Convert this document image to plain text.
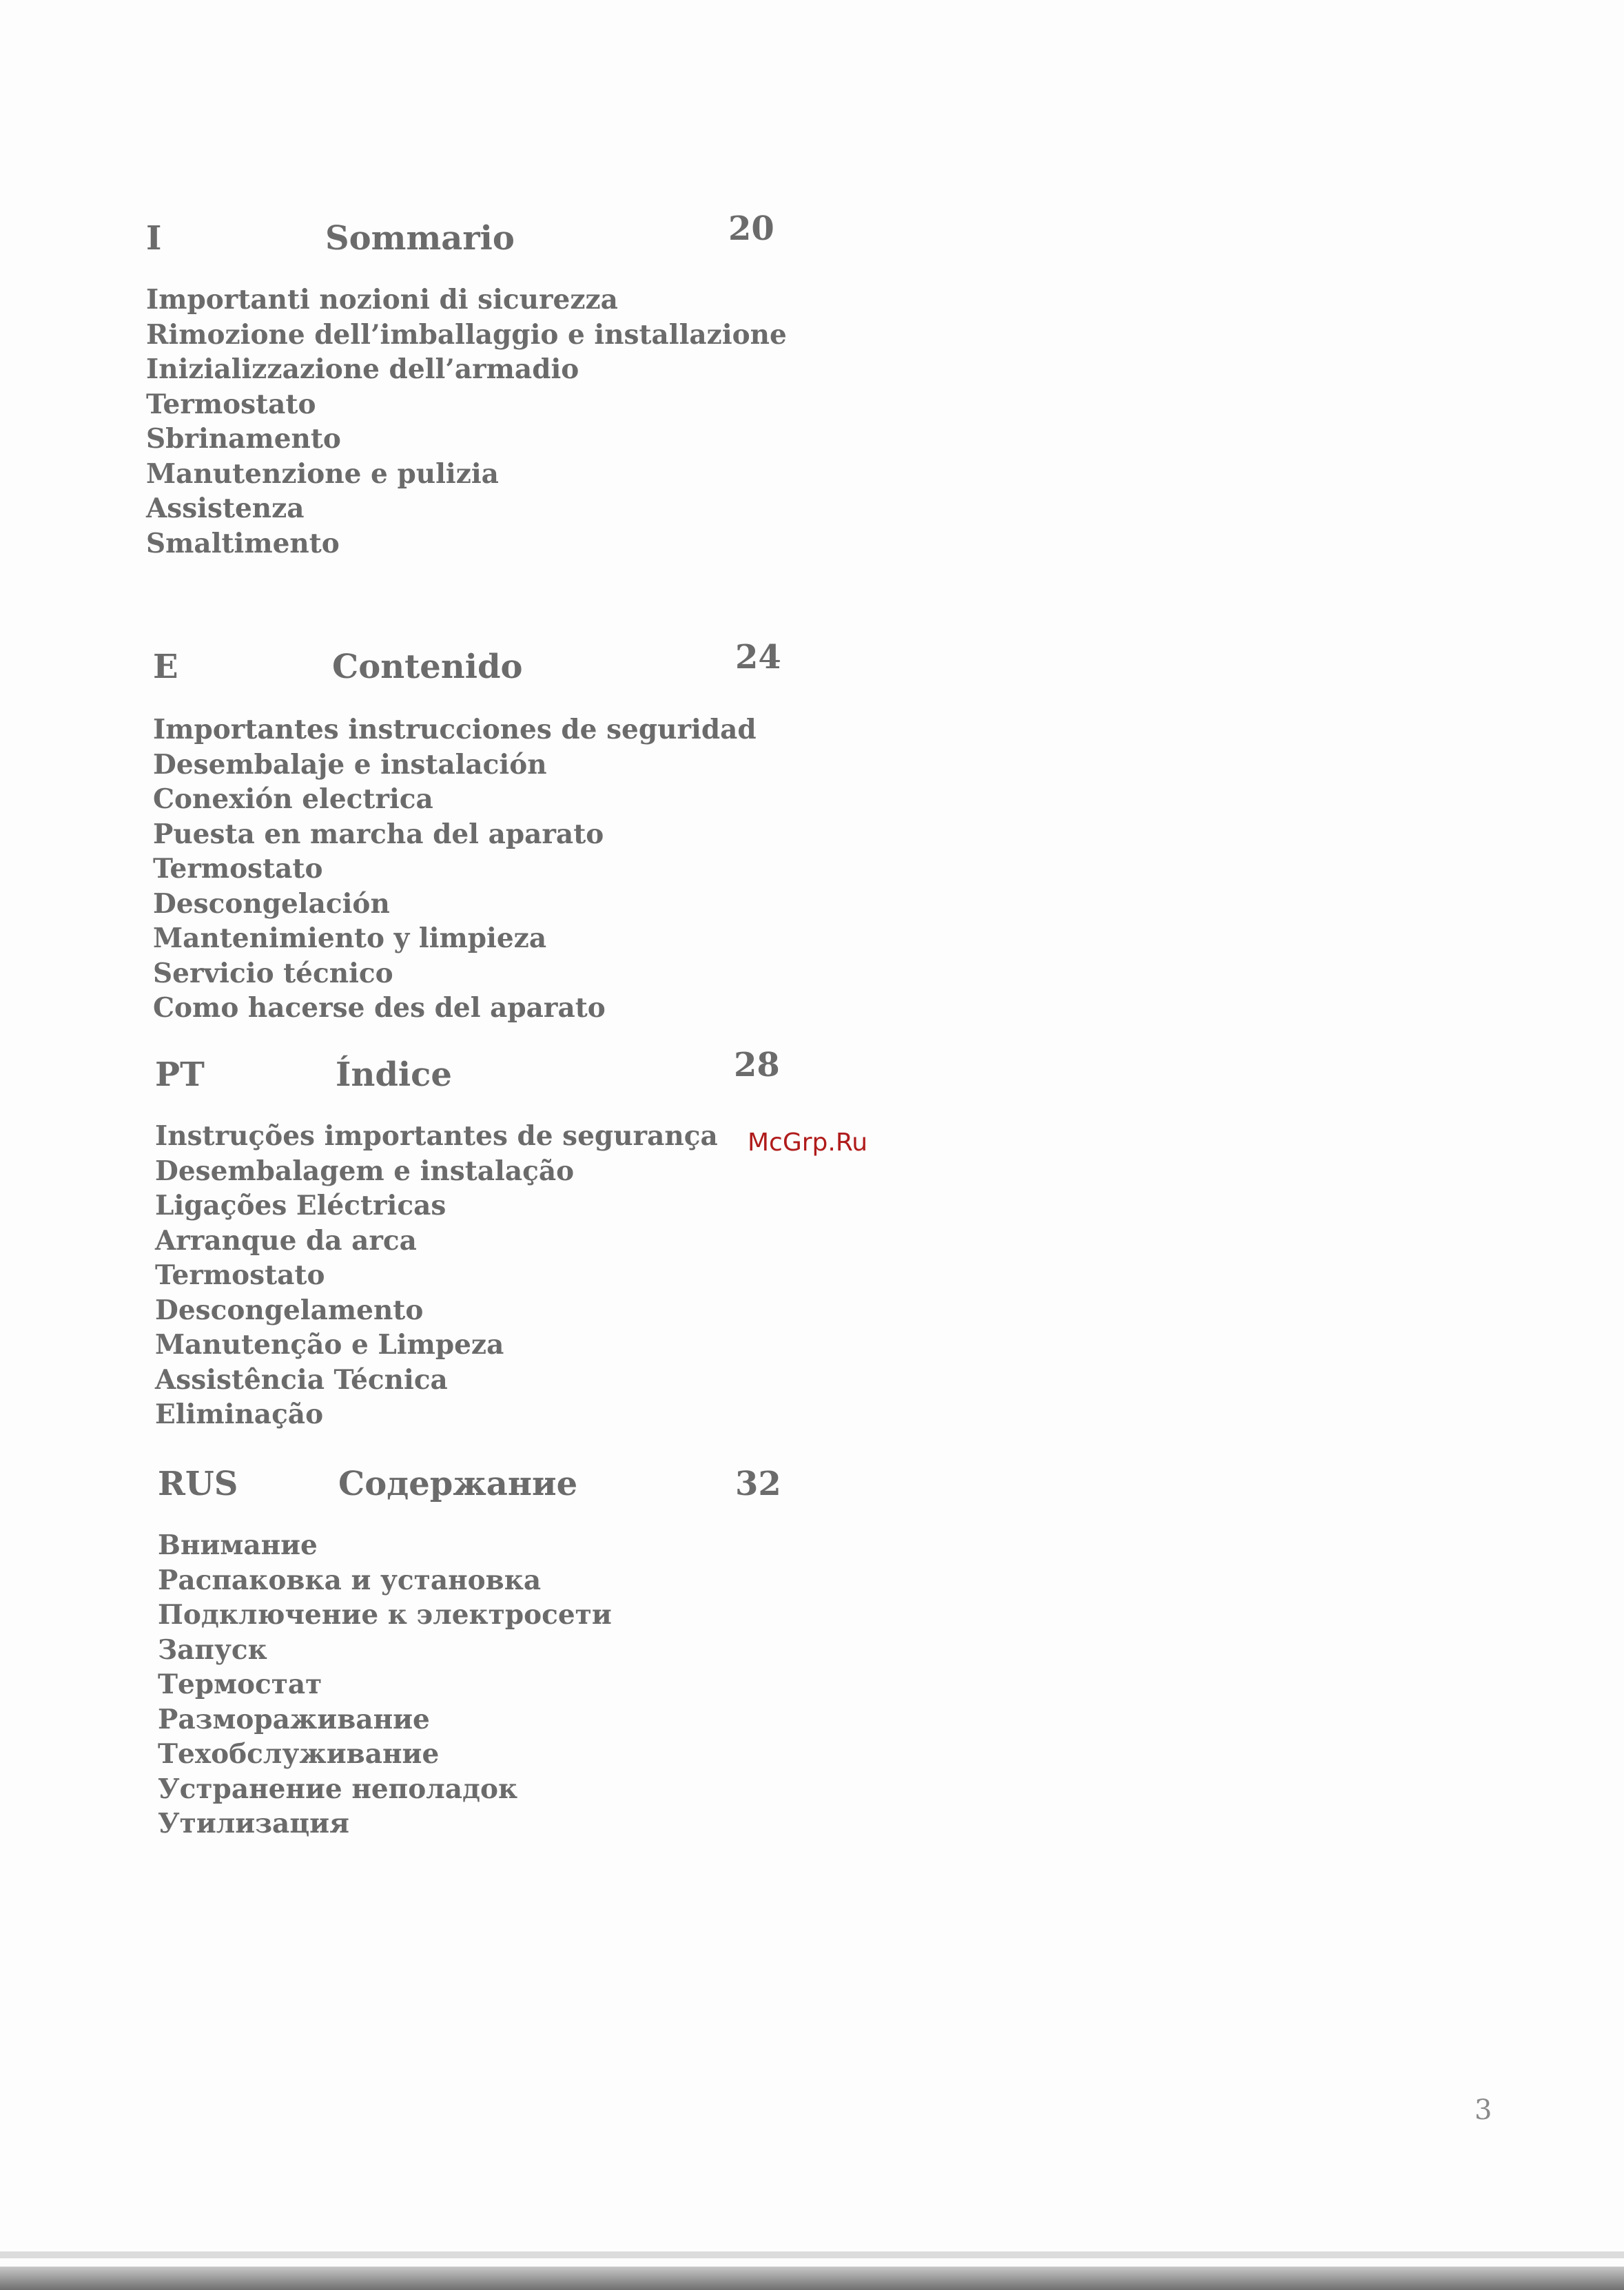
I	Sommario	20
Importanti nozioni di sicurezza
Rimozione dell’imballaggio e installazione
Inizializzazione dell’armadio
Termostato
Sbrinamento
Manutenzione e pulizia
Assistenza
Smaltimento
E	Contenido	24
Importantes instrucciones de seguridad
Desembalaje e instalación
Conexión electrica
Puesta en marcha del aparato
Termostato
Descongelación
Mantenimiento y limpieza
Servicio técnico
Como hacerse des del aparato
PT	Índice	28
Instruções importantes de segurança
Desembalagem e instalação
Ligações Eléctricas
Arranque da arca
Termostato
Descongelamento
Manutenção e Limpeza
Assistência Técnica
Eliminação
RUS	Содержание	32
Внимание
Распаковка и установка
Подключение к электросети
Запуск
Термостат
Размораживание
Техобслуживание
Устранение неполадок
Утилизация
McGrp.Ru
3
